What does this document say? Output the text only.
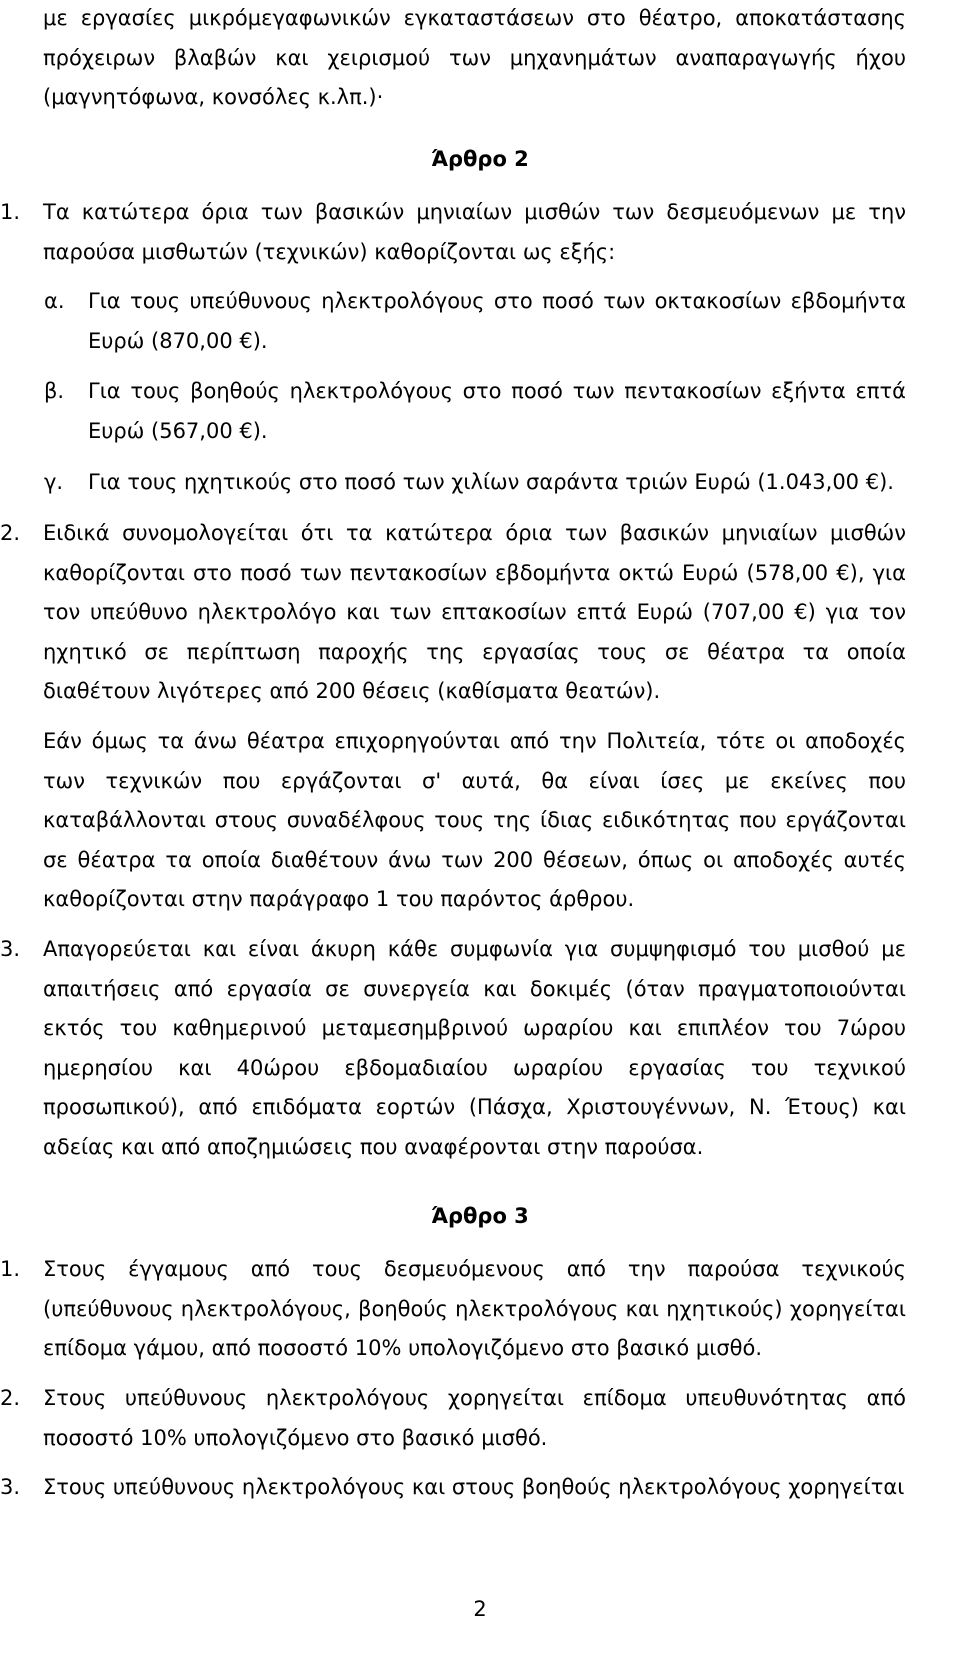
με εργασίες μικρόμεγαφωνικών εγκαταστάσεων στο θέατρο, αποκατάστασης πρόχειρων βλαβών και χειρισμού των μηχανημάτων αναπαραγωγής ήχου (μαγνητόφωνα, κονσόλες κ.λπ.)·

Άρθρο 2
1.	Τα κατώτερα όρια των βασικών μηνιαίων μισθών των δεσμευόμενων με την παρούσα μισθωτών (τεχνικών) καθορίζονται ως εξής:

α.	Για τους υπεύθυνους ηλεκτρολόγους στο ποσό των οκτακοσίων εβδομήντα Ευρώ (870,00 €).

β.	Για τους βοηθούς ηλεκτρολόγους στο ποσό των πεντακοσίων εξήντα επτά Ευρώ (567,00 €).

γ.	Για τους ηχητικούς στο ποσό των χιλίων σαράντα τριών Ευρώ (1.043,00 €).

2.	Ειδικά συνομολογείται ότι τα κατώτερα όρια των βασικών μηνιαίων μισθών καθορίζονται στο ποσό των πεντακοσίων εβδομήντα οκτώ Ευρώ (578,00 €), για τον υπεύθυνο ηλεκτρολόγο και των επτακοσίων επτά Ευρώ (707,00 €) για τον ηχητικό σε περίπτωση παροχής της εργασίας τους σε θέατρα τα οποία διαθέτουν λιγότερες από 200 θέσεις (καθίσματα θεατών).

Εάν όμως τα άνω θέατρα επιχορηγούνται από την Πολιτεία, τότε οι αποδοχές των τεχνικών που εργάζονται σ' αυτά, θα είναι ίσες με εκείνες που καταβάλλονται στους συναδέλφους τους της ίδιας ειδικότητας που εργάζονται σε θέατρα τα οποία διαθέτουν άνω των 200 θέσεων, όπως οι αποδοχές αυτές καθορίζονται στην παράγραφο 1 του παρόντος άρθρου.

3.	Απαγορεύεται και είναι άκυρη κάθε συμφωνία για συμψηφισμό του μισθού με απαιτήσεις από εργασία σε συνεργεία και δοκιμές (όταν πραγματοποιούνται εκτός του καθημερινού μεταμεσημβρινού ωραρίου και επιπλέον του 7ώρου ημερησίου και 40ώρου εβδομαδιαίου ωραρίου εργασίας του τεχνικού προσωπικού), από επιδόματα εορτών (Πάσχα, Χριστουγέννων, Ν. Έτους) και αδείας και από αποζημιώσεις που αναφέρονται στην παρούσα.

Άρθρο 3
1.	Στους έγγαμους από τους δεσμευόμενους από την παρούσα τεχνικούς (υπεύθυνους ηλεκτρολόγους, βοηθούς ηλεκτρολόγους και ηχητικούς) χορηγείται επίδομα γάμου, από ποσοστό 10% υπολογιζόμενο στο βασικό μισθό.

2.	Στους υπεύθυνους ηλεκτρολόγους χορηγείται επίδομα υπευθυνότητας από ποσοστό 10% υπολογιζόμενο στο βασικό μισθό.

3.	Στους υπεύθυνους ηλεκτρολόγους και στους βοηθούς ηλεκτρολόγους χορηγείται

2
